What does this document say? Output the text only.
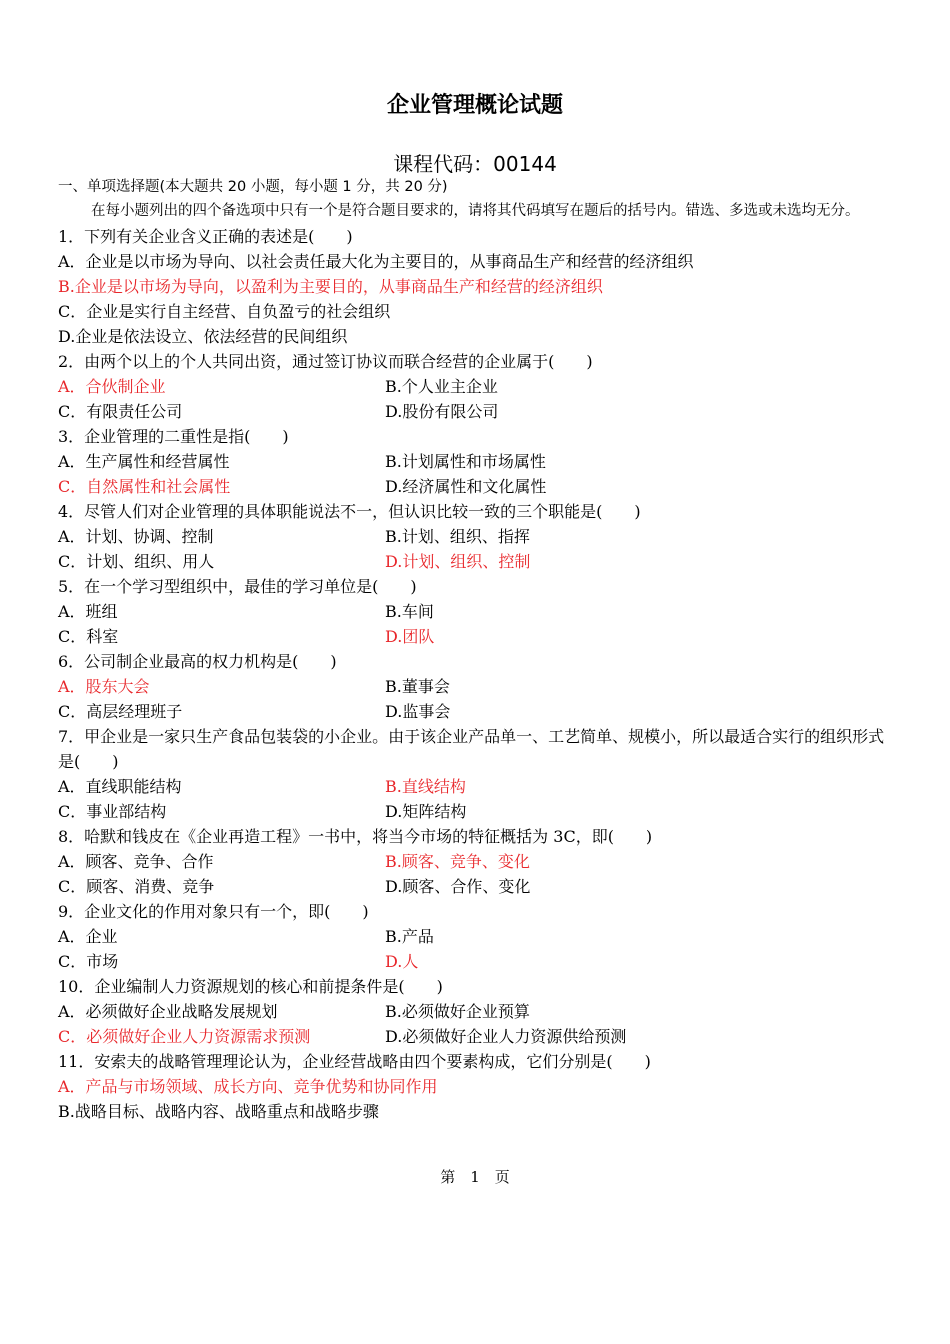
企业管理概论试题
课程代码：00144
一、单项选择题(本大题共 20 小题，每小题 1 分，共 20 分)
在每小题列出的四个备选项中只有一个是符合题目要求的，请将其代码填写在题后的括号内。错选、多选或未选均无分。
1．下列有关企业含义正确的表述是(　　)
A．企业是以市场为导向、以社会责任最大化为主要目的，从事商品生产和经营的经济组织
B.企业是以市场为导向，以盈利为主要目的，从事商品生产和经营的经济组织
C．企业是实行自主经营、自负盈亏的社会组织
D.企业是依法设立、依法经营的民间组织
2．由两个以上的个人共同出资，通过签订协议而联合经营的企业属于(　　)
A．合伙制企业	B.个人业主企业
C．有限责任公司	D.股份有限公司
3．企业管理的二重性是指(　　)
A．生产属性和经营属性	B.计划属性和市场属性
C．自然属性和社会属性	D.经济属性和文化属性
4．尽管人们对企业管理的具体职能说法不一，但认识比较一致的三个职能是(　　)
A．计划、协调、控制	B.计划、组织、指挥
C．计划、组织、用人	D.计划、组织、控制
5．在一个学习型组织中，最佳的学习单位是(　　)
A．班组	B.车间
C．科室	D.团队
6．公司制企业最高的权力机构是(　　)
A．股东大会	B.董事会
C．高层经理班子	D.监事会
7．甲企业是一家只生产食品包装袋的小企业。由于该企业产品单一、工艺简单、规模小，所以最适合实行的组织形式是(　　)
A．直线职能结构	B.直线结构
C．事业部结构	D.矩阵结构
8．哈默和钱皮在《企业再造工程》一书中，将当今市场的特征概括为 3C，即(　　)
A．顾客、竞争、合作	B.顾客、竞争、变化
C．顾客、消费、竞争	D.顾客、合作、变化
9．企业文化的作用对象只有一个，即(　　)
A．企业	B.产品
C．市场	D.人
10．企业编制人力资源规划的核心和前提条件是(　　)
A．必须做好企业战略发展规划	B.必须做好企业预算
C．必须做好企业人力资源需求预测	D.必须做好企业人力资源供给预测
11．安索夫的战略管理理论认为，企业经营战略由四个要素构成，它们分别是(　　)
A．产品与市场领域、成长方向、竞争优势和协同作用
B.战略目标、战略内容、战略重点和战略步骤
第　1　页
